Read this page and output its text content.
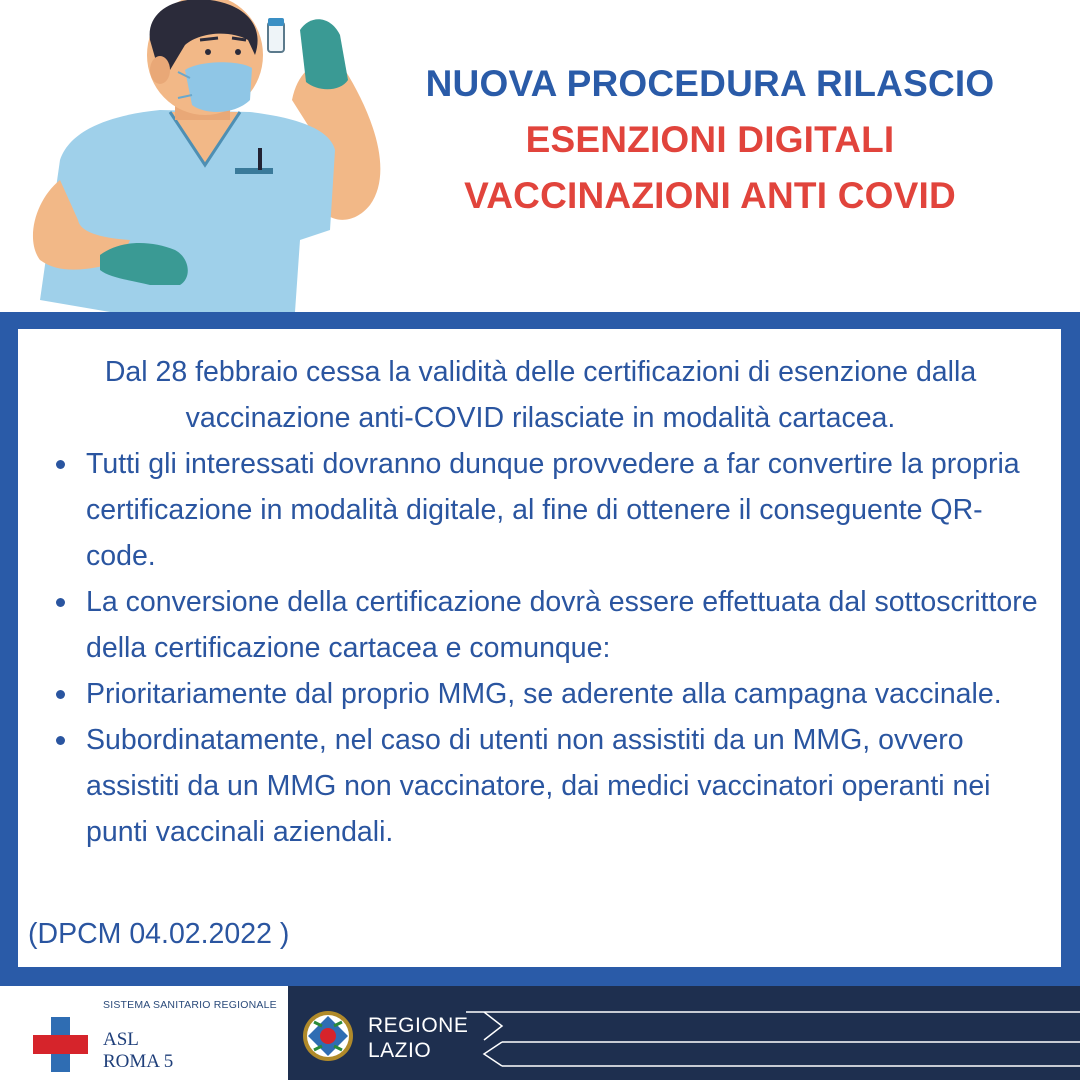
NUOVA PROCEDURA RILASCIO
ESENZIONI DIGITALI
VACCINAZIONI ANTI COVID
Dal 28 febbraio cessa la validità delle certificazioni di esenzione dalla vaccinazione anti-COVID rilasciate in modalità cartacea.
Tutti gli interessati dovranno dunque provvedere a far convertire la propria certificazione in modalità digitale, al fine di ottenere il conseguente QR-code.
La conversione della certificazione dovrà essere effettuata dal sottoscrittore della certificazione cartacea e comunque:
Prioritariamente dal proprio MMG, se aderente alla campagna vaccinale.
Subordinatamente, nel caso di utenti non assistiti da un MMG, ovvero assistiti da un MMG non vaccinatore, dai medici vaccinatori operanti nei punti vaccinali aziendali.
(DPCM 04.02.2022 )
SISTEMA SANITARIO REGIONALE
ASL
ROMA 5
REGIONE
LAZIO
